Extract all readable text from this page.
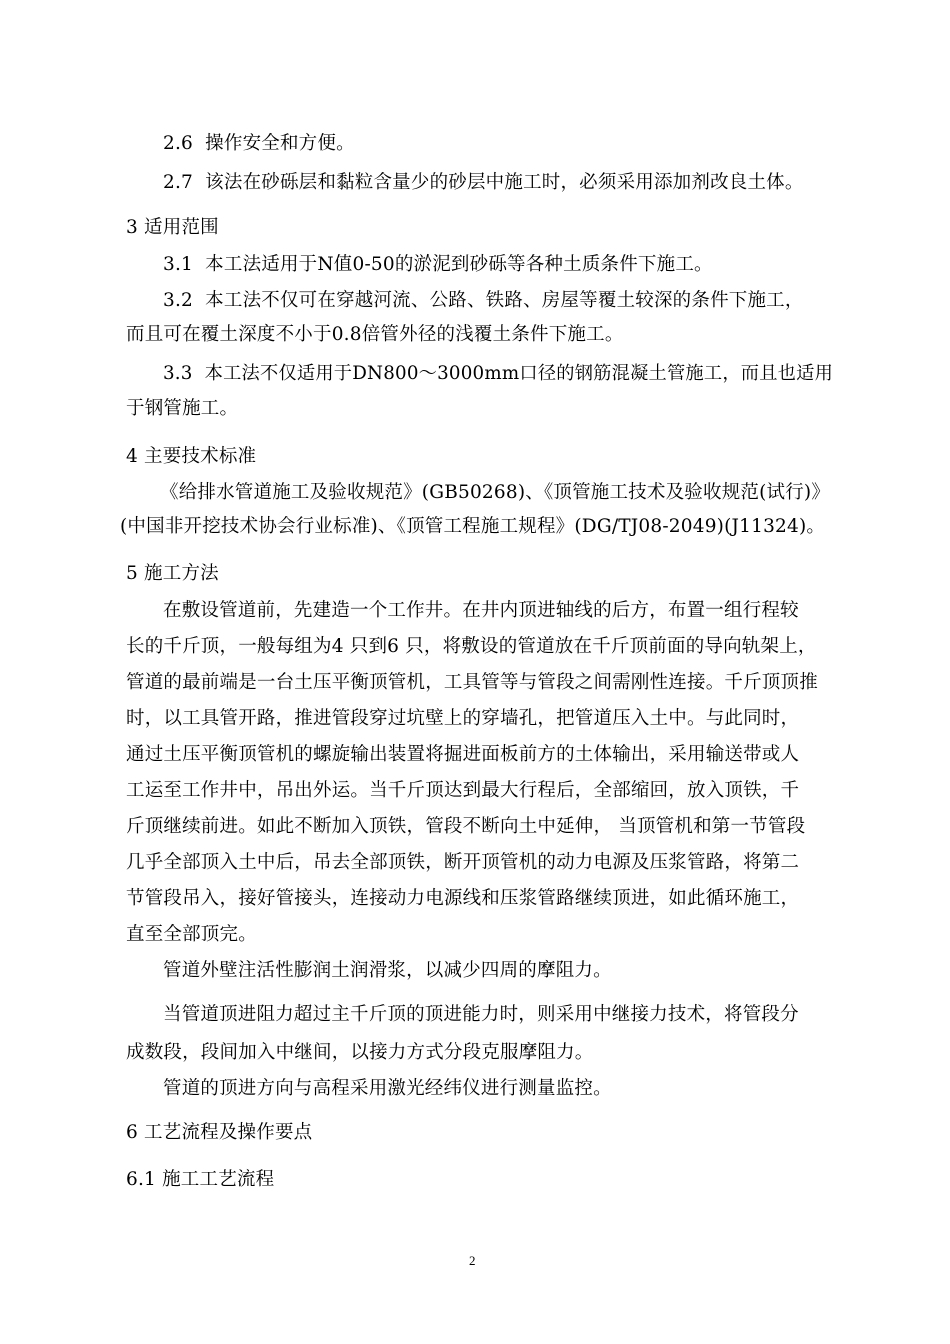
2.6  操作安全和方便。
2.7  该法在砂砾层和黏粒含量少的砂层中施工时，必须采用添加剂改良土体。
3 适用范围
3.1  本工法适用于N值0-50的淤泥到砂砾等各种土质条件下施工。
3.2  本工法不仅可在穿越河流、公路、铁路、房屋等覆土较深的条件下施工，
而且可在覆土深度不小于0.8倍管外径的浅覆土条件下施工。
3.3  本工法不仅适用于DN800～3000mm口径的钢筋混凝土管施工，而且也适用
于钢管施工。
4 主要技术标准
《给排水管道施工及验收规范》(GB50268)、《顶管施工技术及验收规范(试行)》
(中国非开挖技术协会行业标准)、《顶管工程施工规程》(DG/TJ08-2049)(J11324)。
5 施工方法
在敷设管道前，先建造一个工作井。在井内顶进轴线的后方，布置一组行程较
长的千斤顶，一般每组为4 只到6 只，将敷设的管道放在千斤顶前面的导向轨架上，
管道的最前端是一台土压平衡顶管机，工具管等与管段之间需刚性连接。千斤顶顶推
时，以工具管开路，推进管段穿过坑壁上的穿墙孔，把管道压入土中。与此同时，
通过土压平衡顶管机的螺旋输出装置将掘进面板前方的土体输出，采用输送带或人
工运至工作井中，吊出外运。当千斤顶达到最大行程后，全部缩回，放入顶铁，千
斤顶继续前进。如此不断加入顶铁，管段不断向土中延伸， 当顶管机和第一节管段
几乎全部顶入土中后，吊去全部顶铁，断开顶管机的动力电源及压浆管路，将第二
节管段吊入，接好管接头，连接动力电源线和压浆管路继续顶进，如此循环施工，
直至全部顶完。
管道外壁注活性膨润土润滑浆，以减少四周的摩阻力。
当管道顶进阻力超过主千斤顶的顶进能力时，则采用中继接力技术，将管段分
成数段，段间加入中继间，以接力方式分段克服摩阻力。
管道的顶进方向与高程采用激光经纬仪进行测量监控。
6 工艺流程及操作要点
6.1 施工工艺流程
2
